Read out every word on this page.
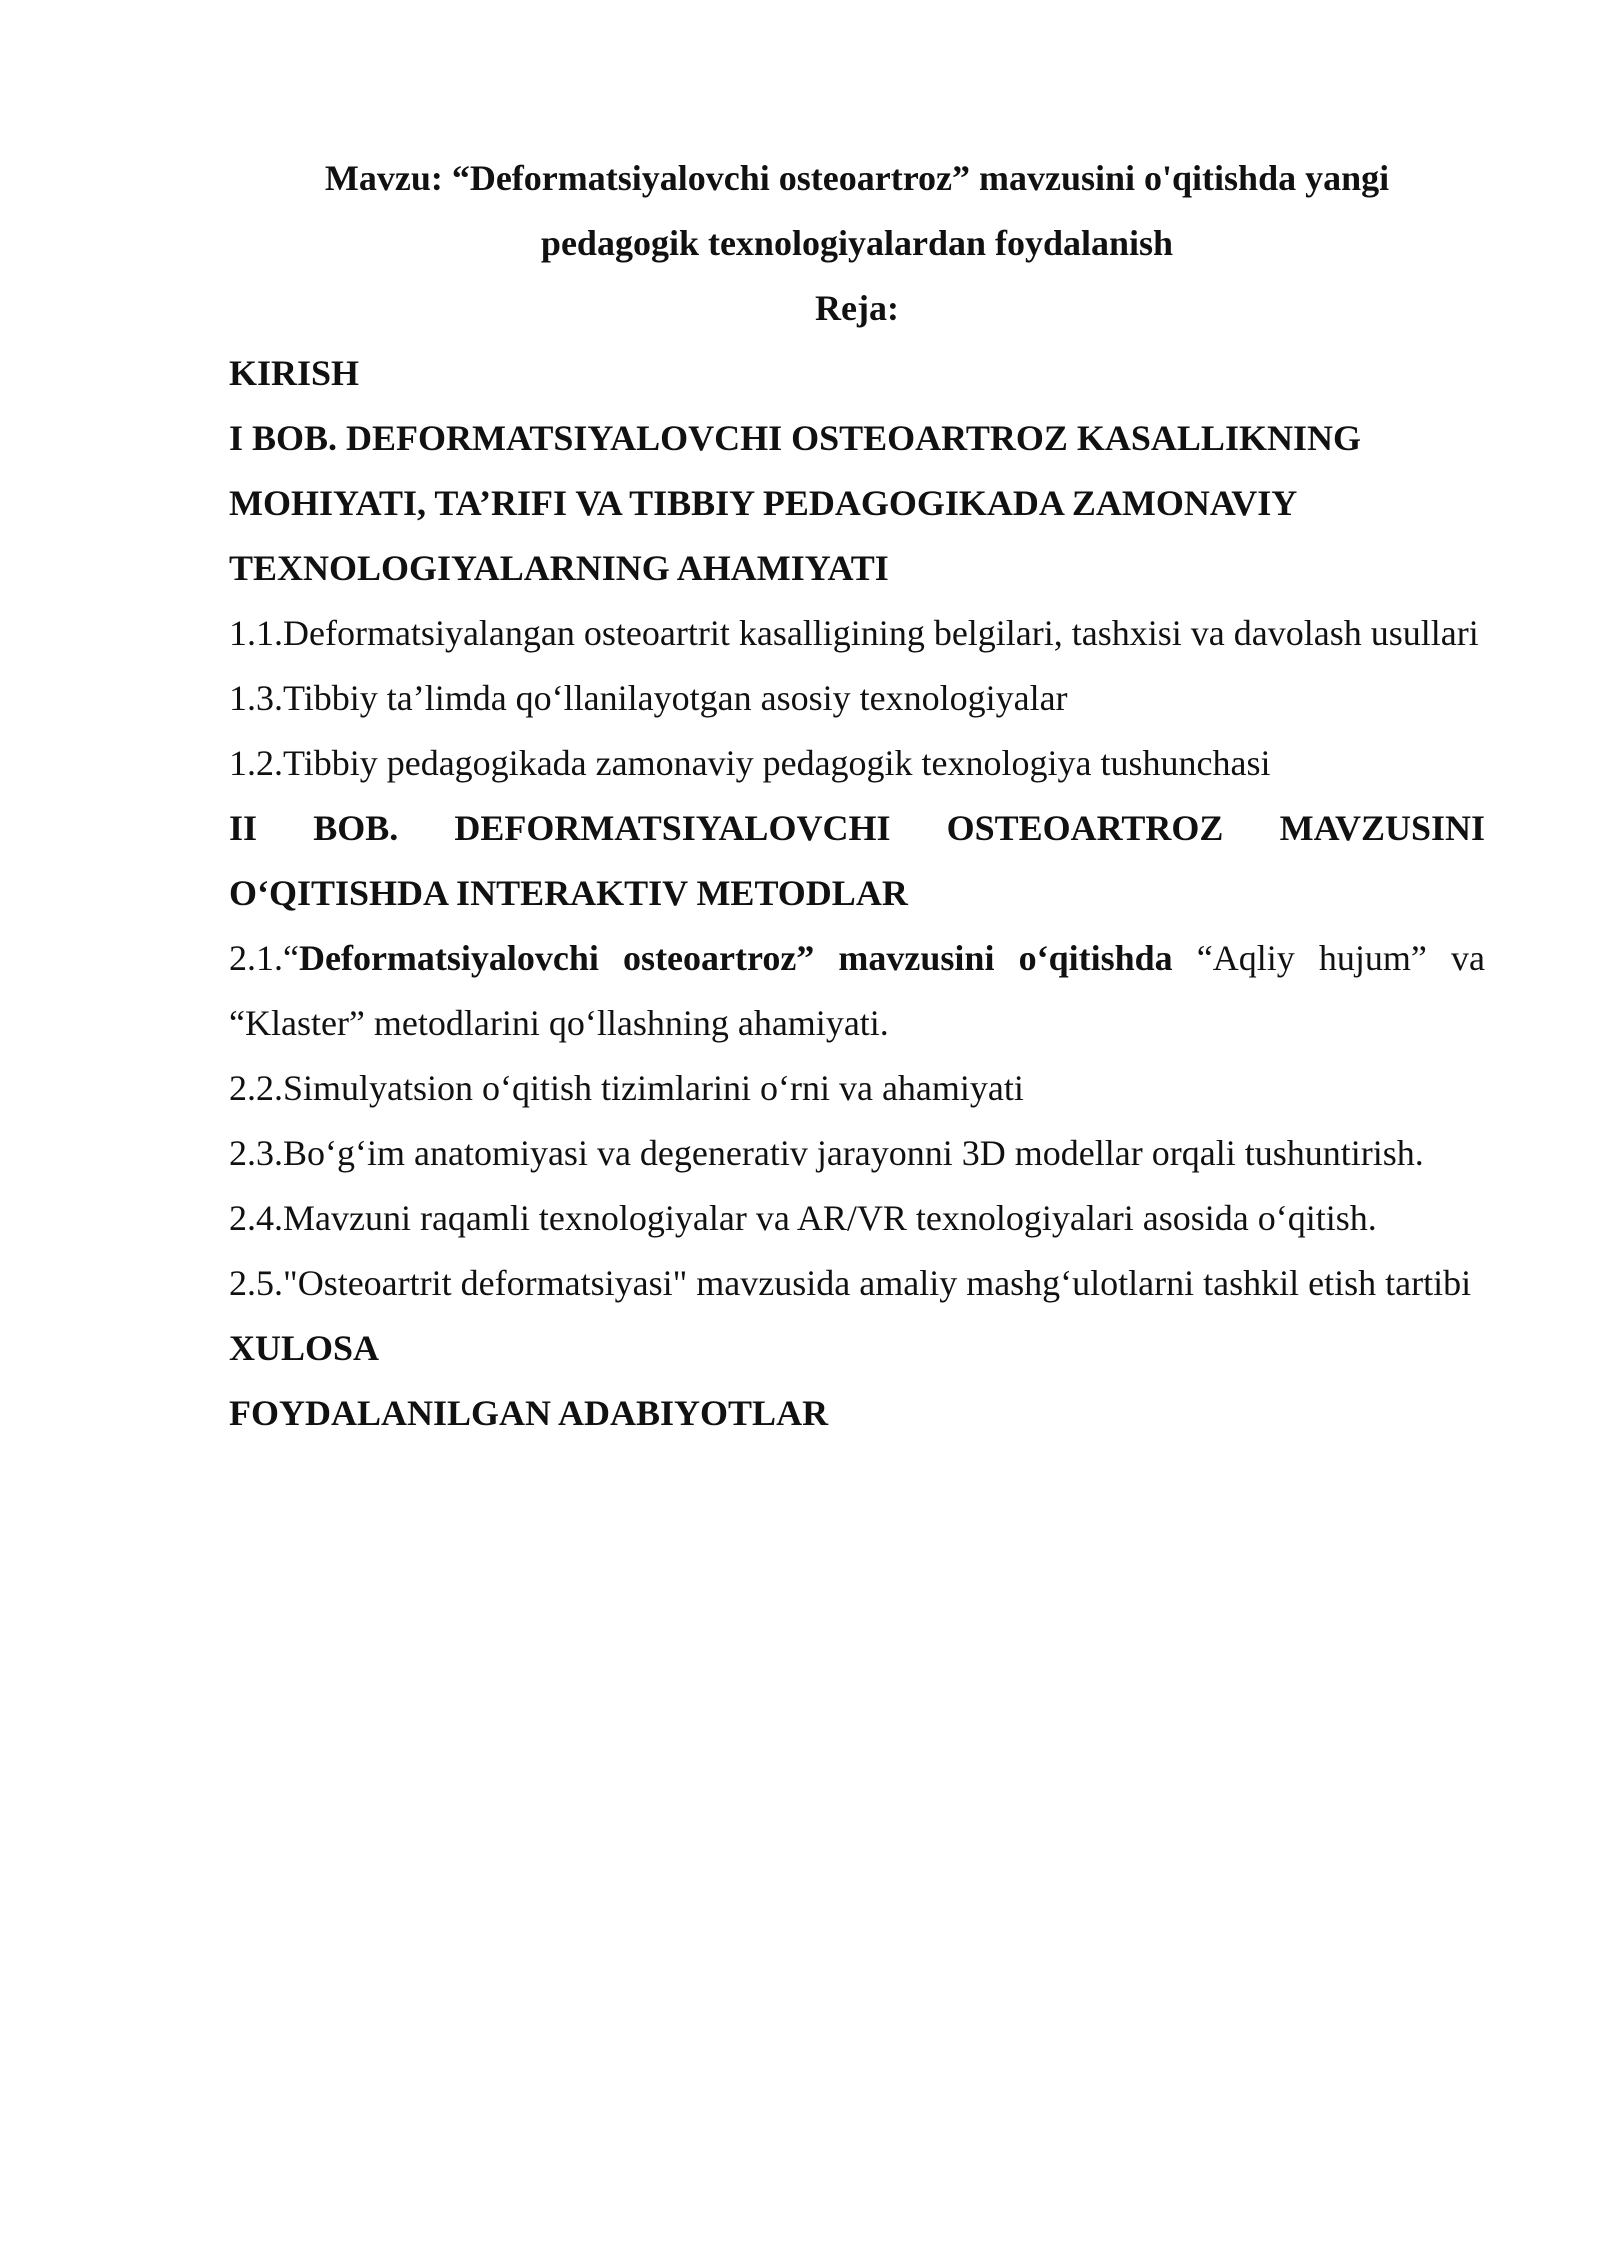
Mavzu: “Deformatsiyalovchi osteoartroz” mavzusini o'qitishda yangi

pedagogik texnologiyalardan foydalanish

Reja:

KIRISH

I BOB. DEFORMATSIYALOVCHI OSTEOARTROZ KASALLIKNING

MOHIYATI, TA’RIFI VA TIBBIY PEDAGOGIKADA ZAMONAVIY

TEXNOLOGIYALARNING AHAMIYATI

1.1.Deformatsiyalangan osteoartrit kasalligining belgilari, tashxisi va davolash usullari

1.3.Tibbiy ta’limda qo‘llanilayotgan asosiy texnologiyalar

1.2.Tibbiy pedagogikada zamonaviy pedagogik texnologiya tushunchasi

II BOB. DEFORMATSIYALOVCHI OSTEOARTROZ MAVZUSINI

O‘QITISHDA INTERAKTIV METODLAR

2.1.“Deformatsiyalovchi osteoartroz” mavzusini o‘qitishda “Aqliy hujum” va “Klaster” metodlarini qo‘llashning ahamiyati.

2.2.Simulyatsion o‘qitish tizimlarini o‘rni va ahamiyati

2.3.Bo‘g‘im anatomiyasi va degenerativ jarayonni 3D modellar orqali tushuntirish.

2.4.Mavzuni raqamli texnologiyalar va AR/VR texnologiyalari asosida o‘qitish.

2.5."Osteoartrit deformatsiyasi" mavzusida amaliy mashg‘ulotlarni tashkil etish tartibi

XULOSA

FOYDALANILGAN ADABIYOTLAR
